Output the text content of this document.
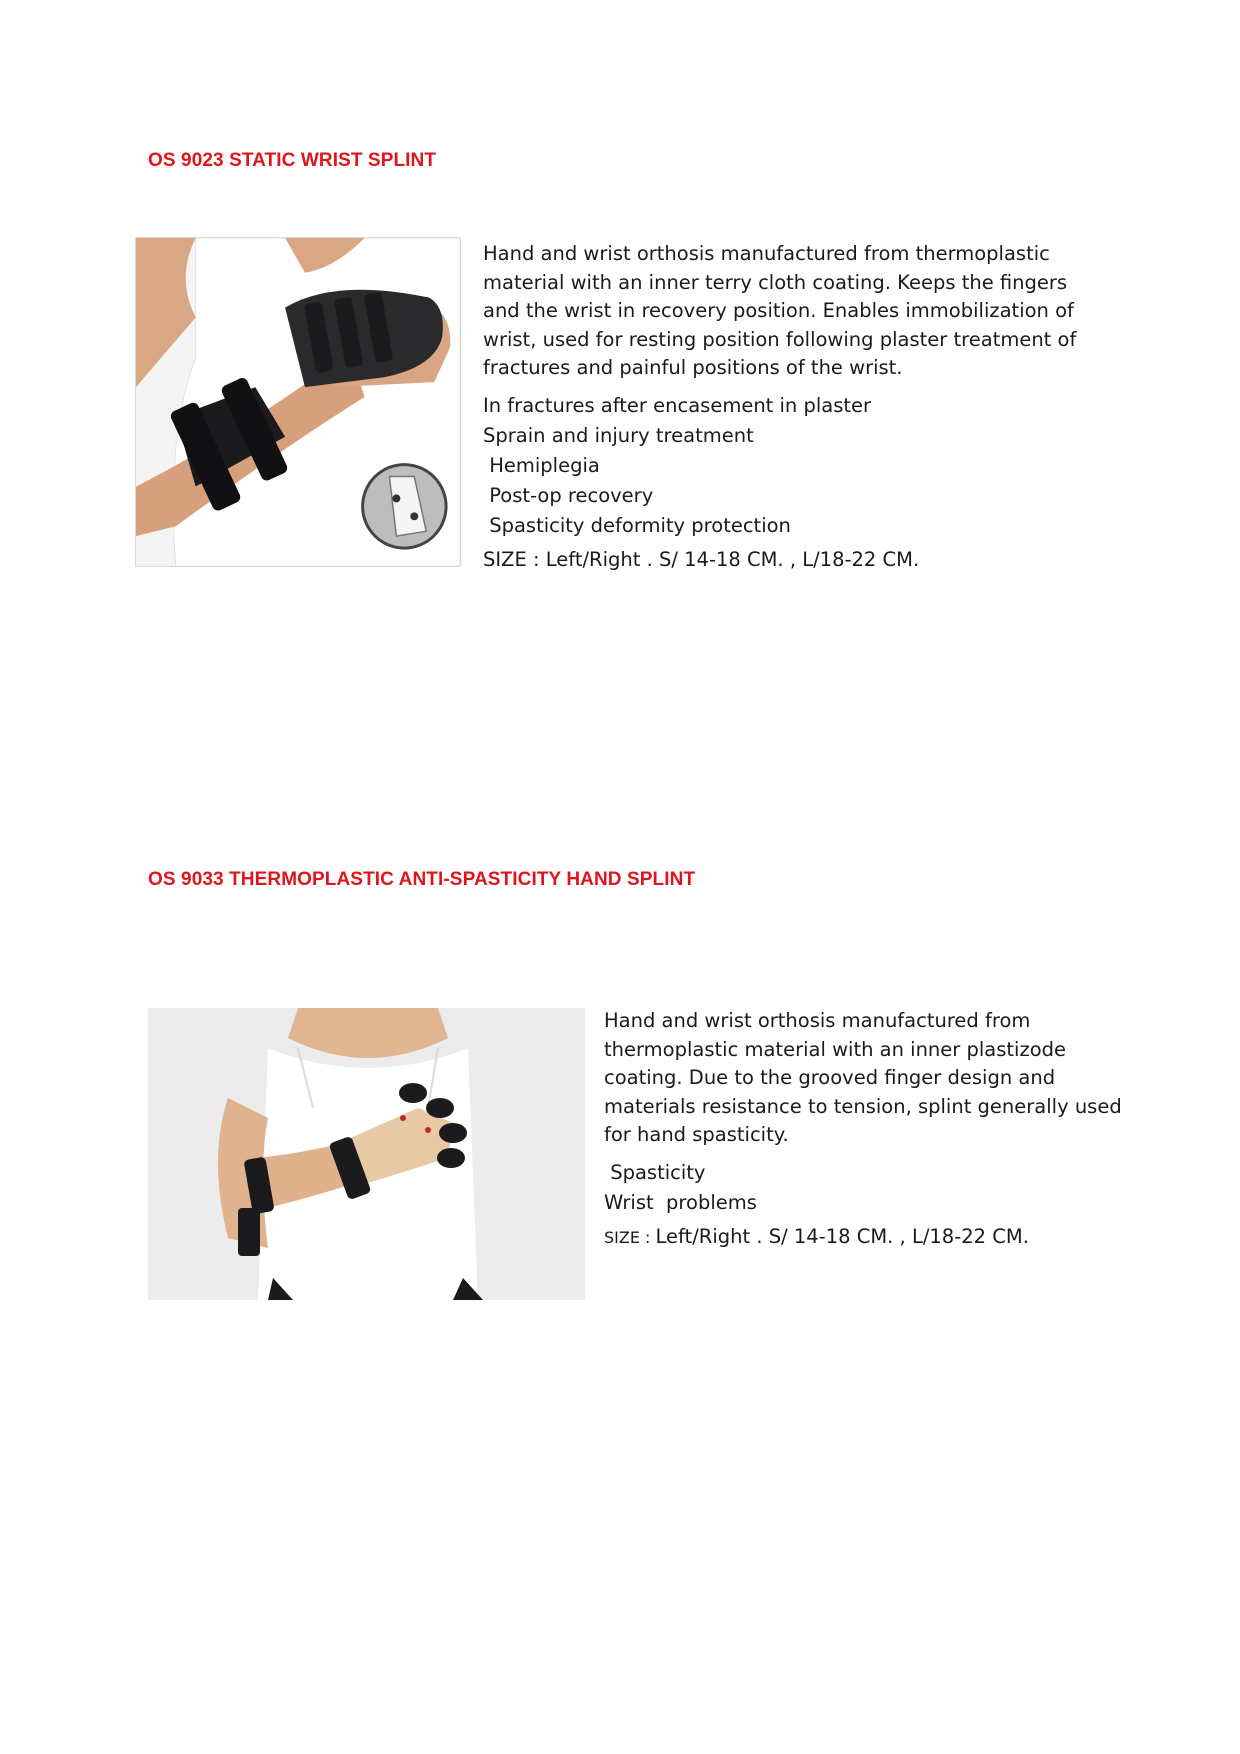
OS 9023 STATIC WRIST SPLINT

Hand and wrist orthosis manufactured from thermoplastic
material with an inner terry cloth coating. Keeps the fingers
and the wrist in recovery position. Enables immobilization of
wrist, used for resting position following plaster treatment of
fractures and painful positions of the wrist.

In fractures after encasement in plaster

Sprain and injury treatment

Hemiplegia

Post-op recovery

Spasticity deformity protection

SIZE : Left/Right . S/ 14-18 CM. , L/18-22 CM.

OS 9033 THERMOPLASTIC ANTI-SPASTICITY HAND SPLINT

Hand and wrist orthosis manufactured from
thermoplastic material with an inner plastizode
coating. Due to the grooved finger design and
materials resistance to tension, splint generally used
for hand spasticity.

Spasticity

Wrist  problems

SIZE : Left/Right . S/ 14-18 CM. , L/18-22 CM.
